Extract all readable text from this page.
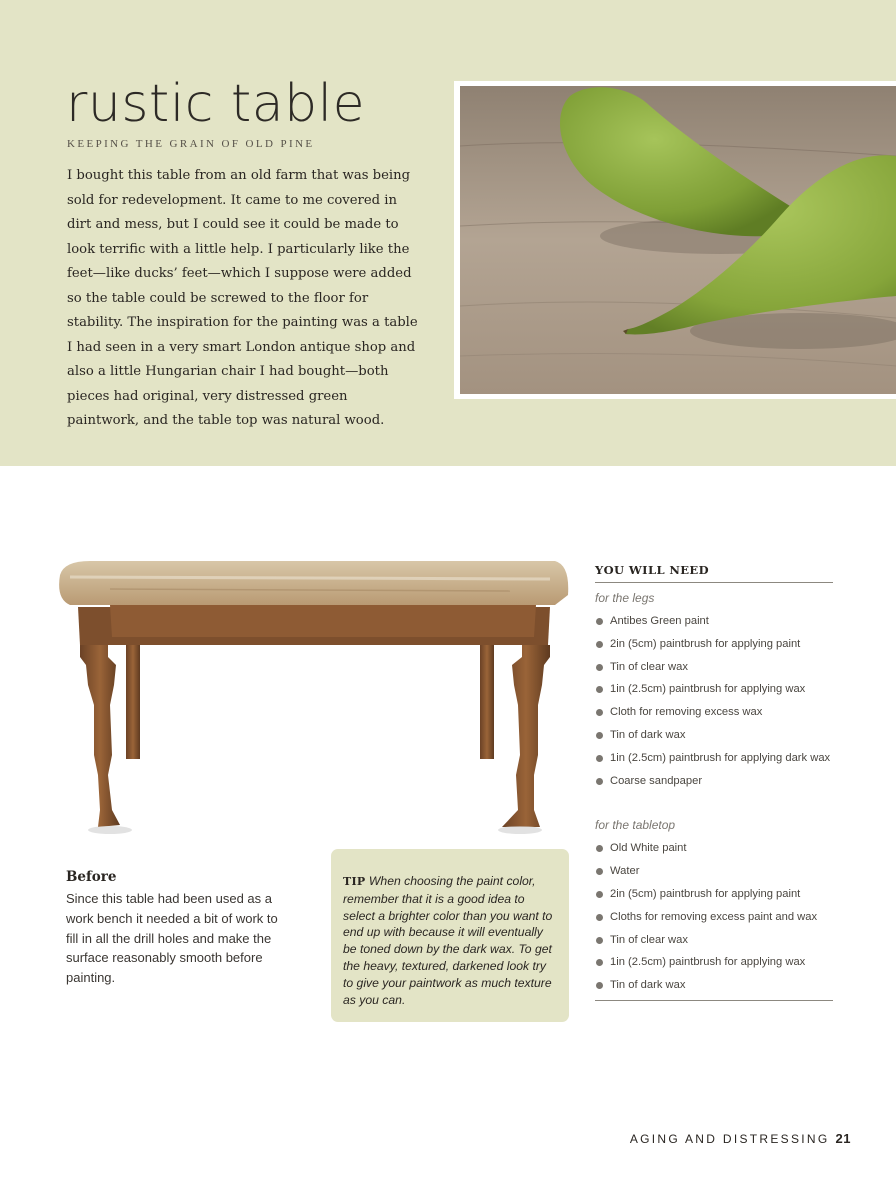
rustic table
KEEPING THE GRAIN OF OLD PINE

I bought this table from an old farm that was being sold for redevelopment. It came to me covered in dirt and mess, but I could see it could be made to look terrific with a little help. I particularly like the feet—like ducks’ feet—which I suppose were added so the table could be screwed to the floor for stability. The inspiration for the painting was a table I had seen in a very smart London antique shop and also a little Hungarian chair I had bought—both pieces had original, very distressed green paintwork, and the table top was natural wood.

Before

Since this table had been used as a work bench it needed a bit of work to fill in all the drill holes and make the surface reasonably smooth before painting.

TIP When choosing the paint color, remember that it is a good idea to select a brighter color than you want to end up with because it will eventually be toned down by the dark wax. To get the heavy, textured, darkened look try to give your paintwork as much texture as you can.

YOU WILL NEED
for the legs
Antibes Green paint
2in (5cm) paintbrush for applying paint
Tin of clear wax
1in (2.5cm) paintbrush for applying wax
Cloth for removing excess wax
Tin of dark wax
1in (2.5cm) paintbrush for applying dark wax
Coarse sandpaper
for the tabletop
Old White paint
Water
2in (5cm) paintbrush for applying paint
Cloths for removing excess paint and wax
Tin of clear wax
1in (2.5cm) paintbrush for applying wax
Tin of dark wax
AGING AND DISTRESSING 21
